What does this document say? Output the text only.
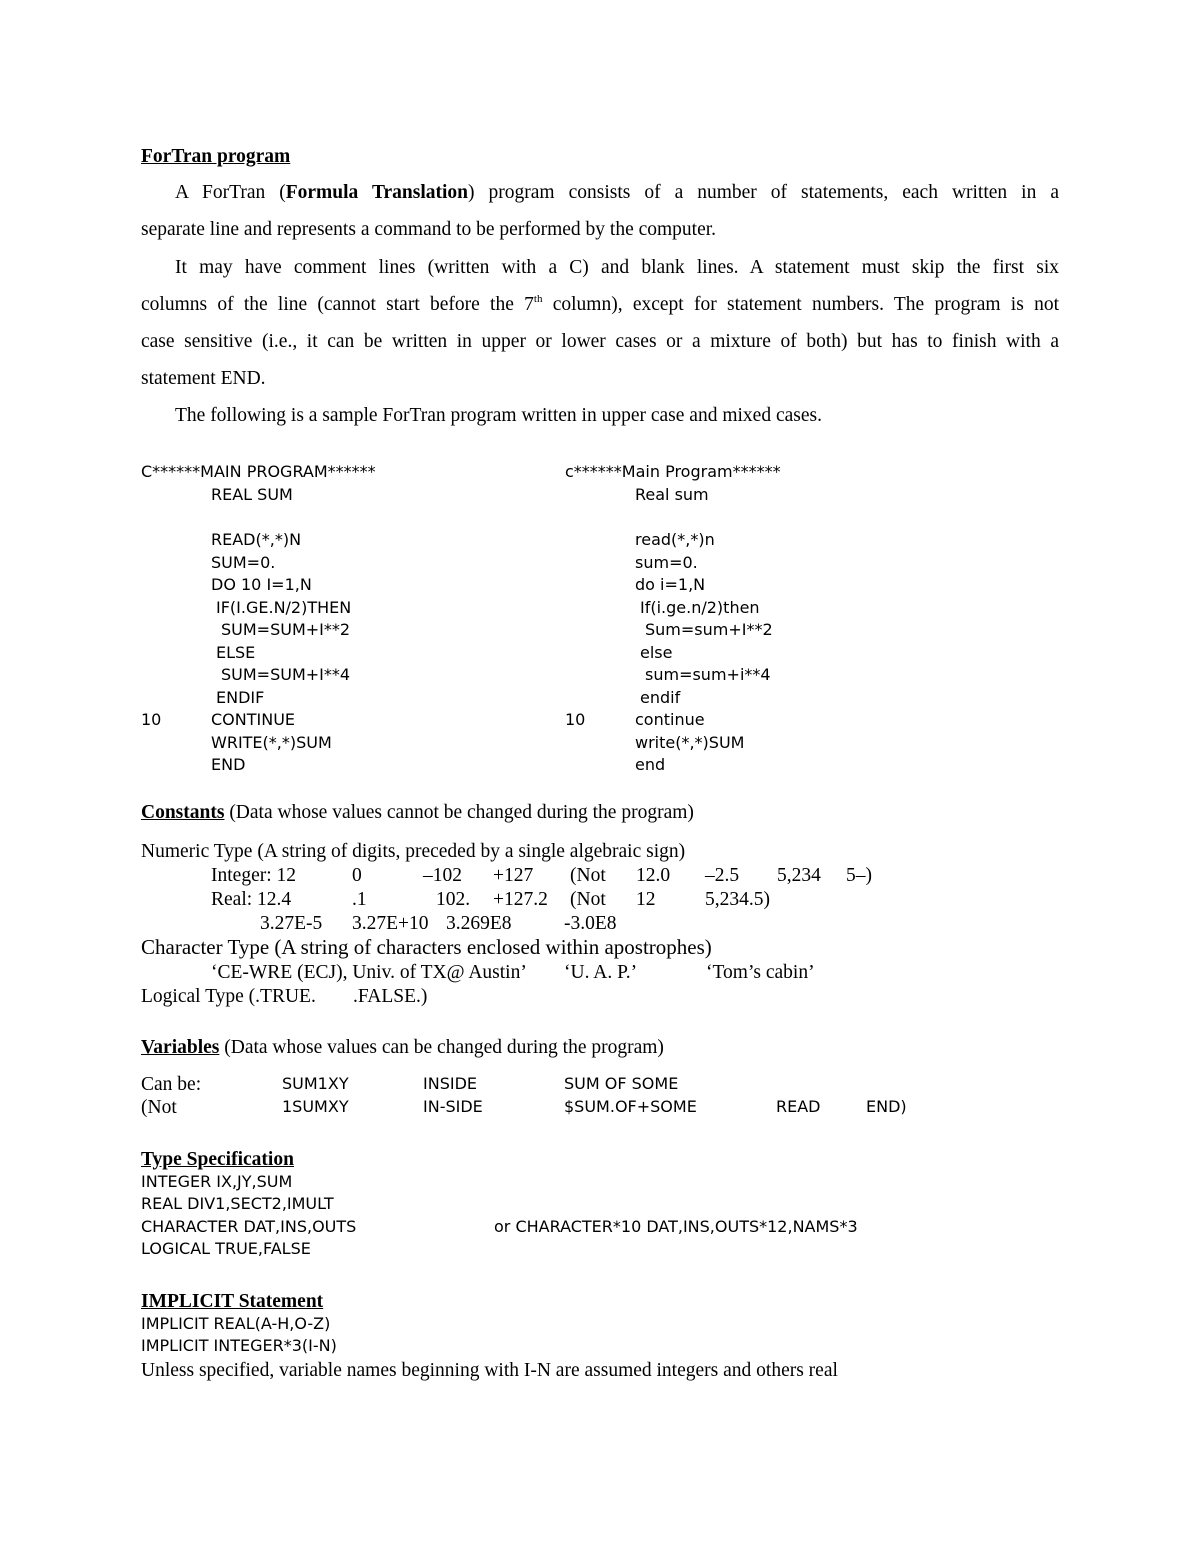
ForTran program
A ForTran (Formula Translation) program consists of a number of statements, each written in a
separate line and represents a command to be performed by the computer.
It may have comment lines (written with a C) and blank lines. A statement must skip the first six
columns of the line (cannot start before the 7th column), except for statement numbers. The program is not
case sensitive (i.e., it can be written in upper or lower cases or a mixture of both) but has to finish with a
statement END.
The following is a sample ForTran program written in upper case and mixed cases.
C******MAIN PROGRAM******
REAL SUM
READ(*,*)N
SUM=0.
DO 10 I=1,N
IF(I.GE.N/2)THEN
SUM=SUM+I**2
ELSE
SUM=SUM+I**4
ENDIF
10	CONTINUE
WRITE(*,*)SUM
END
c******Main Program******
Real sum
read(*,*)n
sum=0.
do i=1,N
If(i.ge.n/2)then
Sum=sum+I**2
else
sum=sum+i**4
endif
10	continue
write(*,*)SUM
end
Constants (Data whose values cannot be changed during the program)
Numeric Type (A string of digits, preceded by a single algebraic sign)
Integer: 12	0	–102 +127 (Not 12.0 –2.5 5,234 5–)
Real: 12.4	.1	102. +127.2 (Not 12	5,234.5)
3.27E-5 3.27E+10 3.269E8	-3.0E8
Character Type (A string of characters enclosed within apostrophes)
‘CE-WRE (ECJ), Univ. of TX@ Austin’ ‘U. A. P.’	‘Tom’s cabin’
Logical Type (.TRUE. .FALSE.)
Variables (Data whose values can be changed during the program)
Can be:	SUM1XY	INSIDE	SUM OF SOME
(Not	1SUMXY	IN-SIDE	$SUM.OF+SOME	READ	END)
Type Specification
INTEGER IX,JY,SUM
REAL DIV1,SECT2,IMULT
CHARACTER DAT,INS,OUTS	or CHARACTER*10 DAT,INS,OUTS*12,NAMS*3
LOGICAL TRUE,FALSE
IMPLICIT Statement
IMPLICIT REAL(A-H,O-Z)
IMPLICIT INTEGER*3(I-N)
Unless specified, variable names beginning with I-N are assumed integers and others real
